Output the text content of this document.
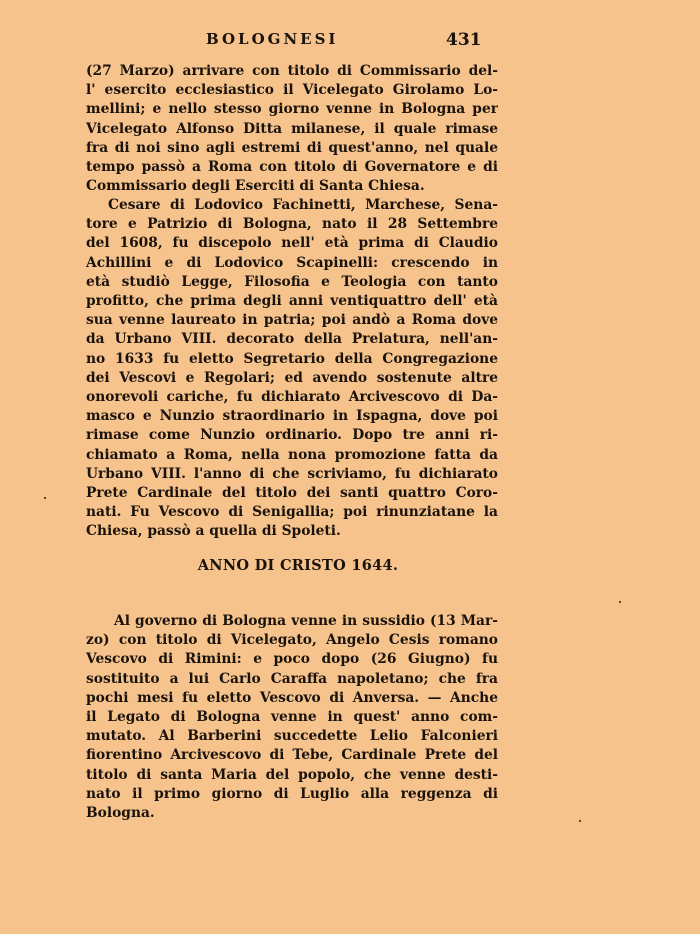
BOLOGNESI	431
(27 Marzo) arrivare con titolo di Commissario del-
l' esercito ecclesiastico il Vicelegato Girolamo Lo-
mellini; e nello stesso giorno venne in Bologna per
Vicelegato Alfonso Ditta milanese, il quale rimase
fra di noi sino agli estremi di quest'anno, nel quale
tempo passò a Roma con titolo di Governatore e di
Commissario degli Eserciti di Santa Chiesa.
Cesare di Lodovico Fachinetti, Marchese, Sena-
tore e Patrizio di Bologna, nato il 28 Settembre
del 1608, fu discepolo nell' età prima di Claudio
Achillini e di Lodovico Scapinelli: crescendo in
età studiò Legge, Filosofia e Teologia con tanto
profitto, che prima degli anni ventiquattro dell' età
sua venne laureato in patria; poi andò a Roma dove
da Urbano VIII. decorato della Prelatura, nell'an-
no 1633 fu eletto Segretario della Congregazione
dei Vescovi e Regolari; ed avendo sostenute altre
onorevoli cariche, fu dichiarato Arcivescovo di Da-
masco e Nunzio straordinario in Ispagna, dove poi
rimase come Nunzio ordinario. Dopo tre anni ri-
chiamato a Roma, nella nona promozione fatta da
Urbano VIII. l'anno di che scriviamo, fu dichiarato
Prete Cardinale del titolo dei santi quattro Coro-
nati. Fu Vescovo di Senigallia; poi rinunziatane la
Chiesa, passò a quella di Spoleti.
ANNO DI CRISTO 1644.
Al governo di Bologna venne in sussidio (13 Mar-
zo) con titolo di Vicelegato, Angelo Cesis romano
Vescovo di Rimini: e poco dopo (26 Giugno) fu
sostituito a lui Carlo Caraffa napoletano; che fra
pochi mesi fu eletto Vescovo di Anversa. — Anche
il Legato di Bologna venne in quest' anno com-
mutato. Al Barberini succedette Lelio Falconieri
fiorentino Arcivescovo di Tebe, Cardinale Prete del
titolo di santa Maria del popolo, che venne desti-
nato il primo giorno di Luglio alla reggenza di
Bologna.
